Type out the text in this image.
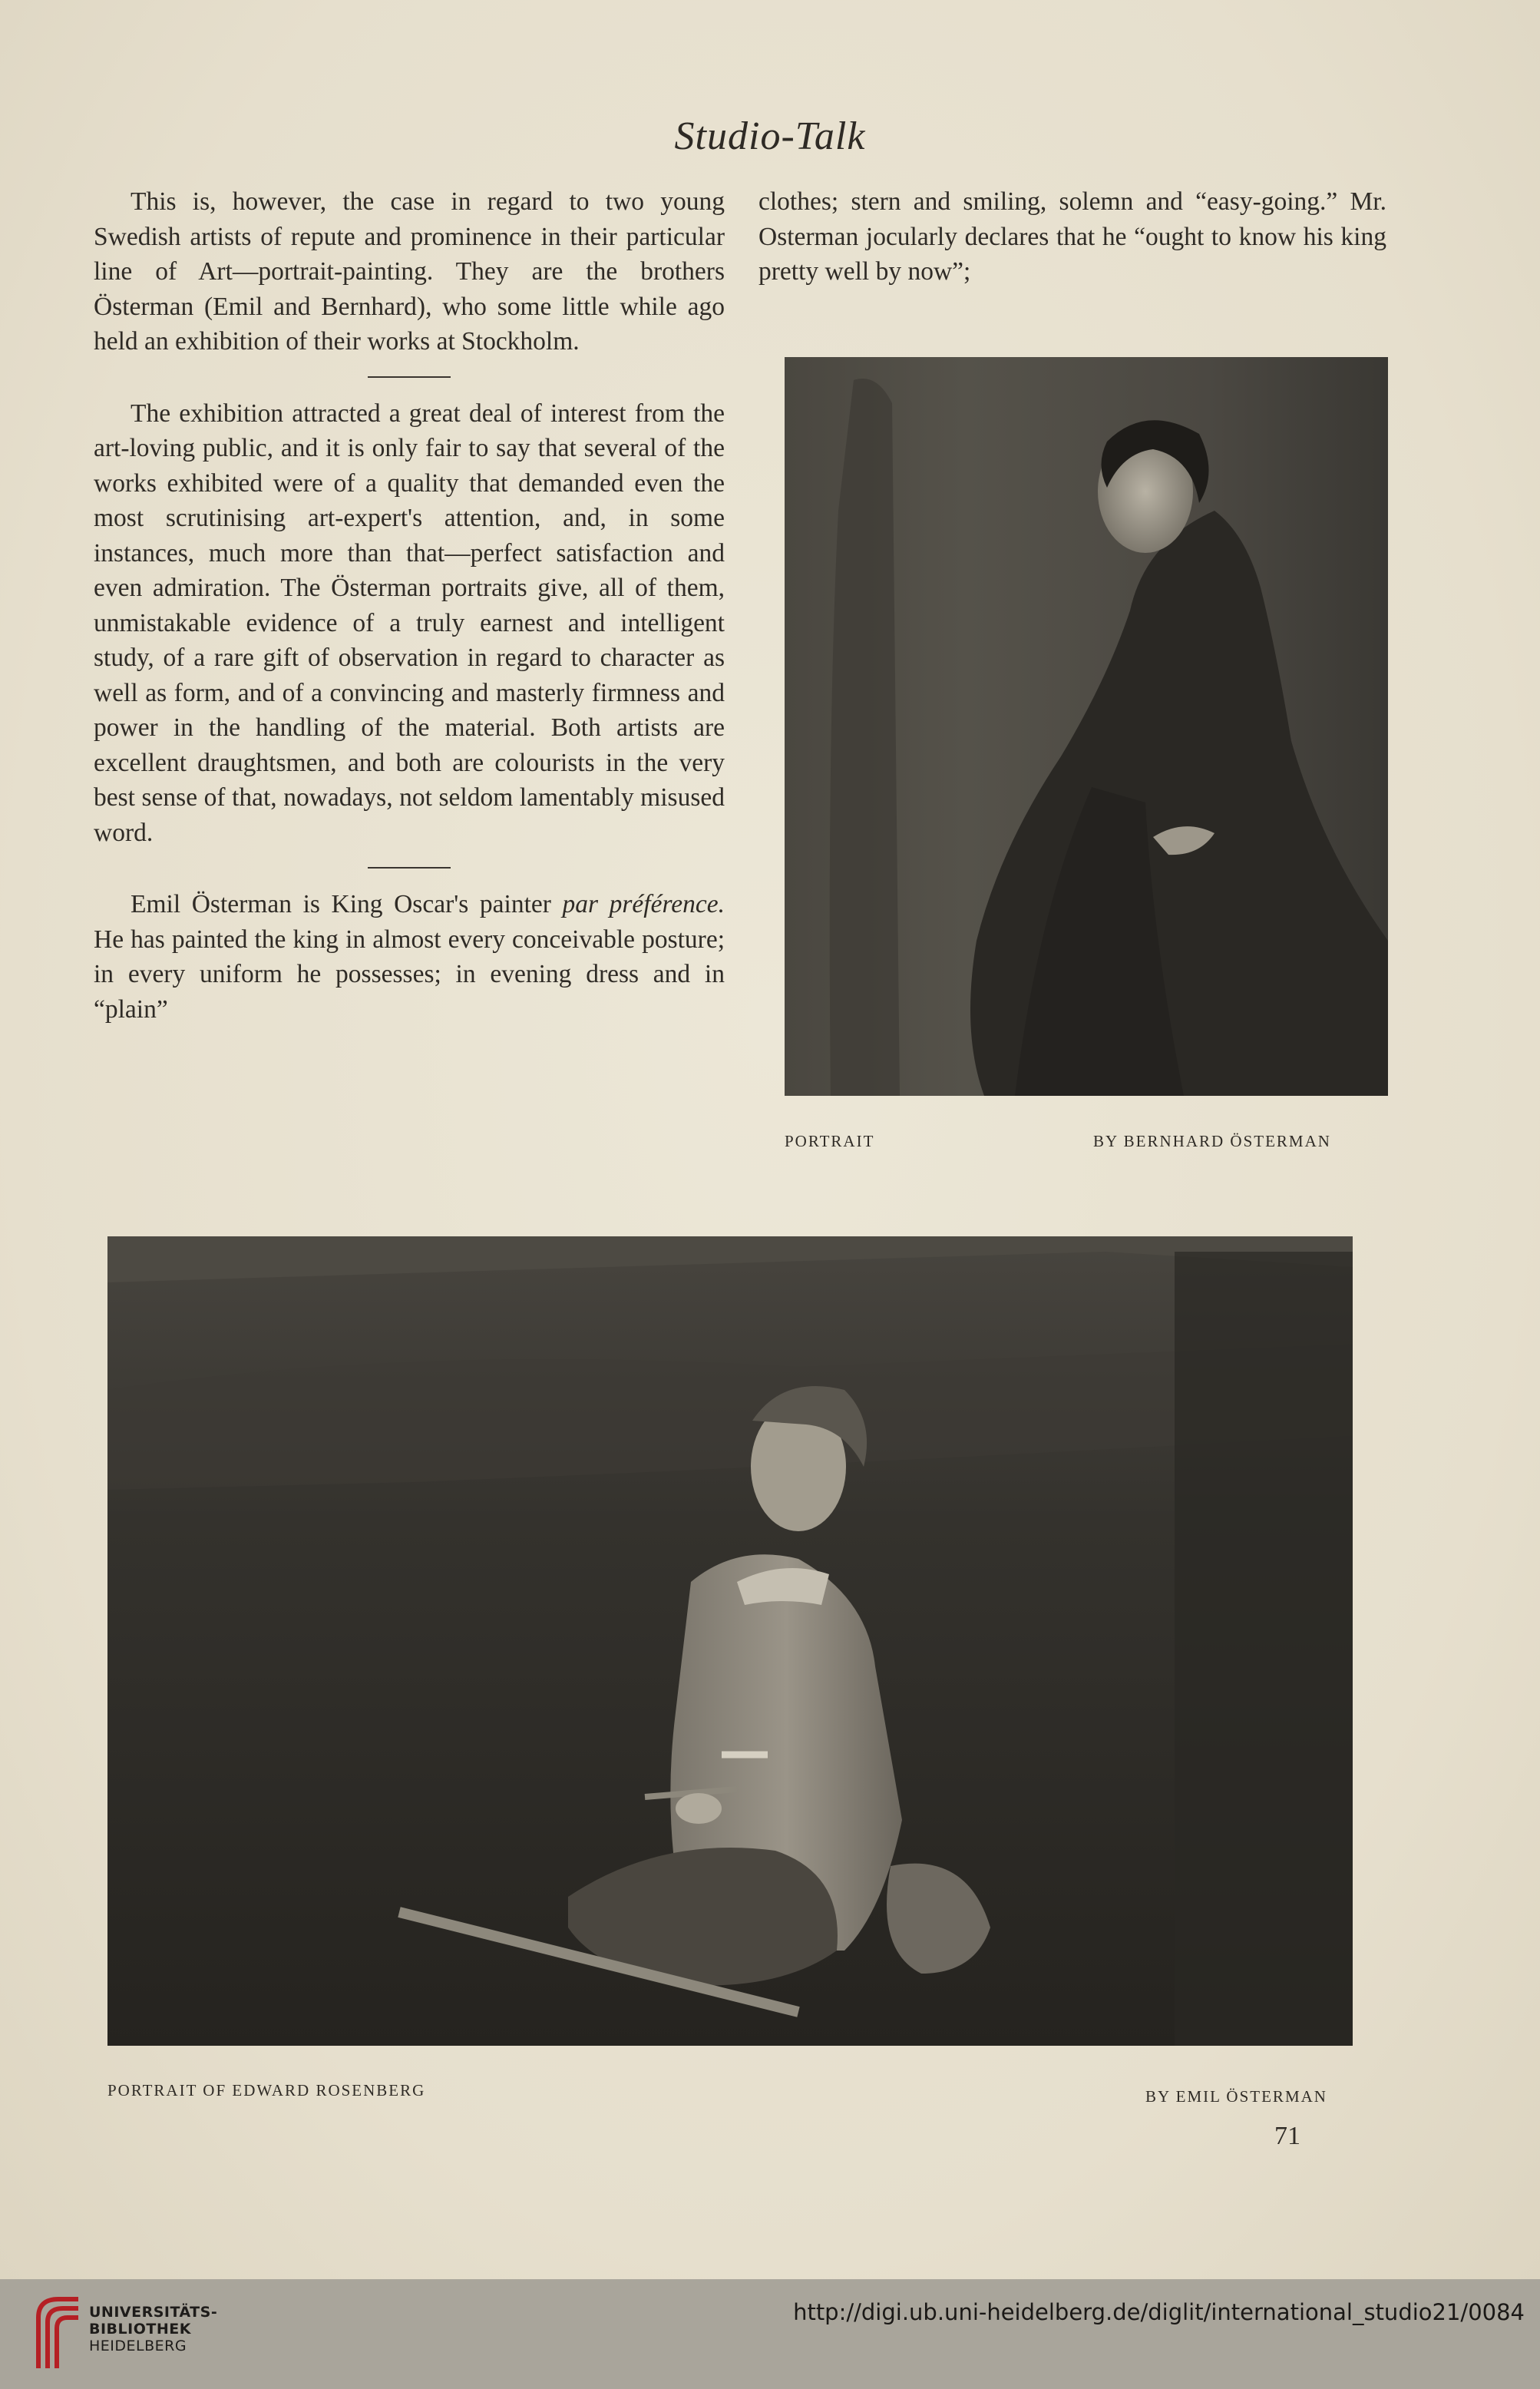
Studio-Talk

This is, however, the case in regard to two young Swedish artists of repute and prominence in their particular line of Art—portrait-painting. They are the brothers Österman (Emil and Bernhard), who some little while ago held an exhibition of their works at Stockholm.

The exhibition attracted a great deal of interest from the art-loving public, and it is only fair to say that several of the works exhibited were of a quality that demanded even the most scrutinising art-expert's attention, and, in some instances, much more than that—perfect satisfaction and even admiration. The Österman portraits give, all of them, unmistakable evidence of a truly earnest and intelligent study, of a rare gift of observation in regard to character as well as form, and of a convincing and masterly firmness and power in the handling of the material. Both artists are excellent draughtsmen, and both are colourists in the very best sense of that, nowadays, not seldom lamentably misused word.

Emil Österman is King Oscar's painter par préférence. He has painted the king in almost every conceivable posture; in every uniform he possesses; in evening dress and in “plain”

clothes; stern and smiling, solemn and “easy-going.” Mr. Osterman jocularly declares that he “ought to know his king pretty well by now”;

PORTRAIT	BY BERNHARD ÖSTERMAN
PORTRAIT OF EDWARD ROSENBERG	BY EMIL ÖSTERMAN
71
UNIVERSITÄTS-
BIBLIOTHEK
HEIDELBERG
http://digi.ub.uni-heidelberg.de/diglit/international_studio21/0084
